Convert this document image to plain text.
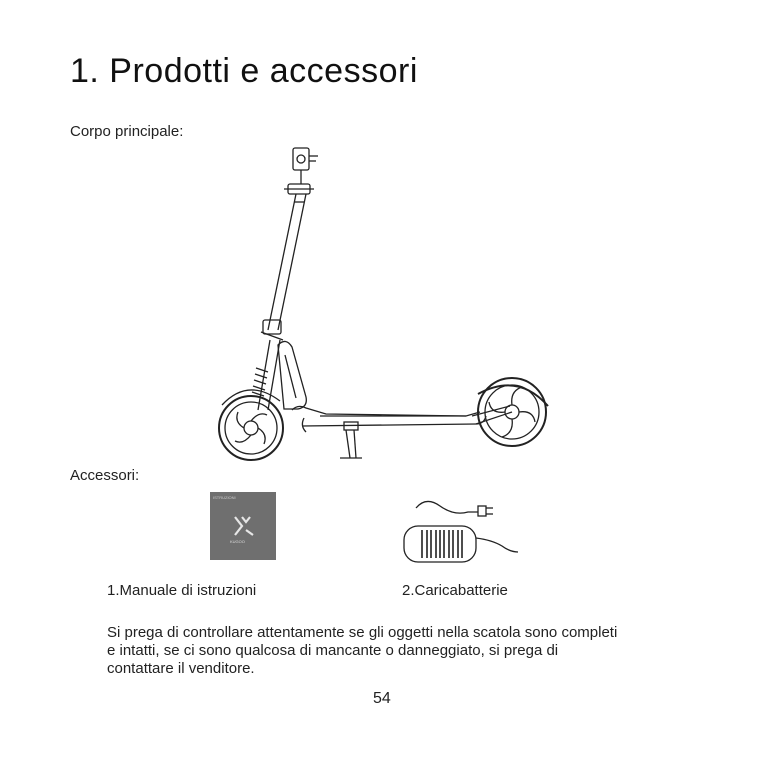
1. Prodotti e accessori
Corpo principale:
Accessori:
ISTRUZIONI
KUGOO
1.Manuale di istruzioni	2.Caricabatterie
Si prega di controllare attentamente se gli oggetti nella scatola sono completi
e intatti, se ci sono qualcosa di mancante o danneggiato, si prega di
contattare il venditore.
54
